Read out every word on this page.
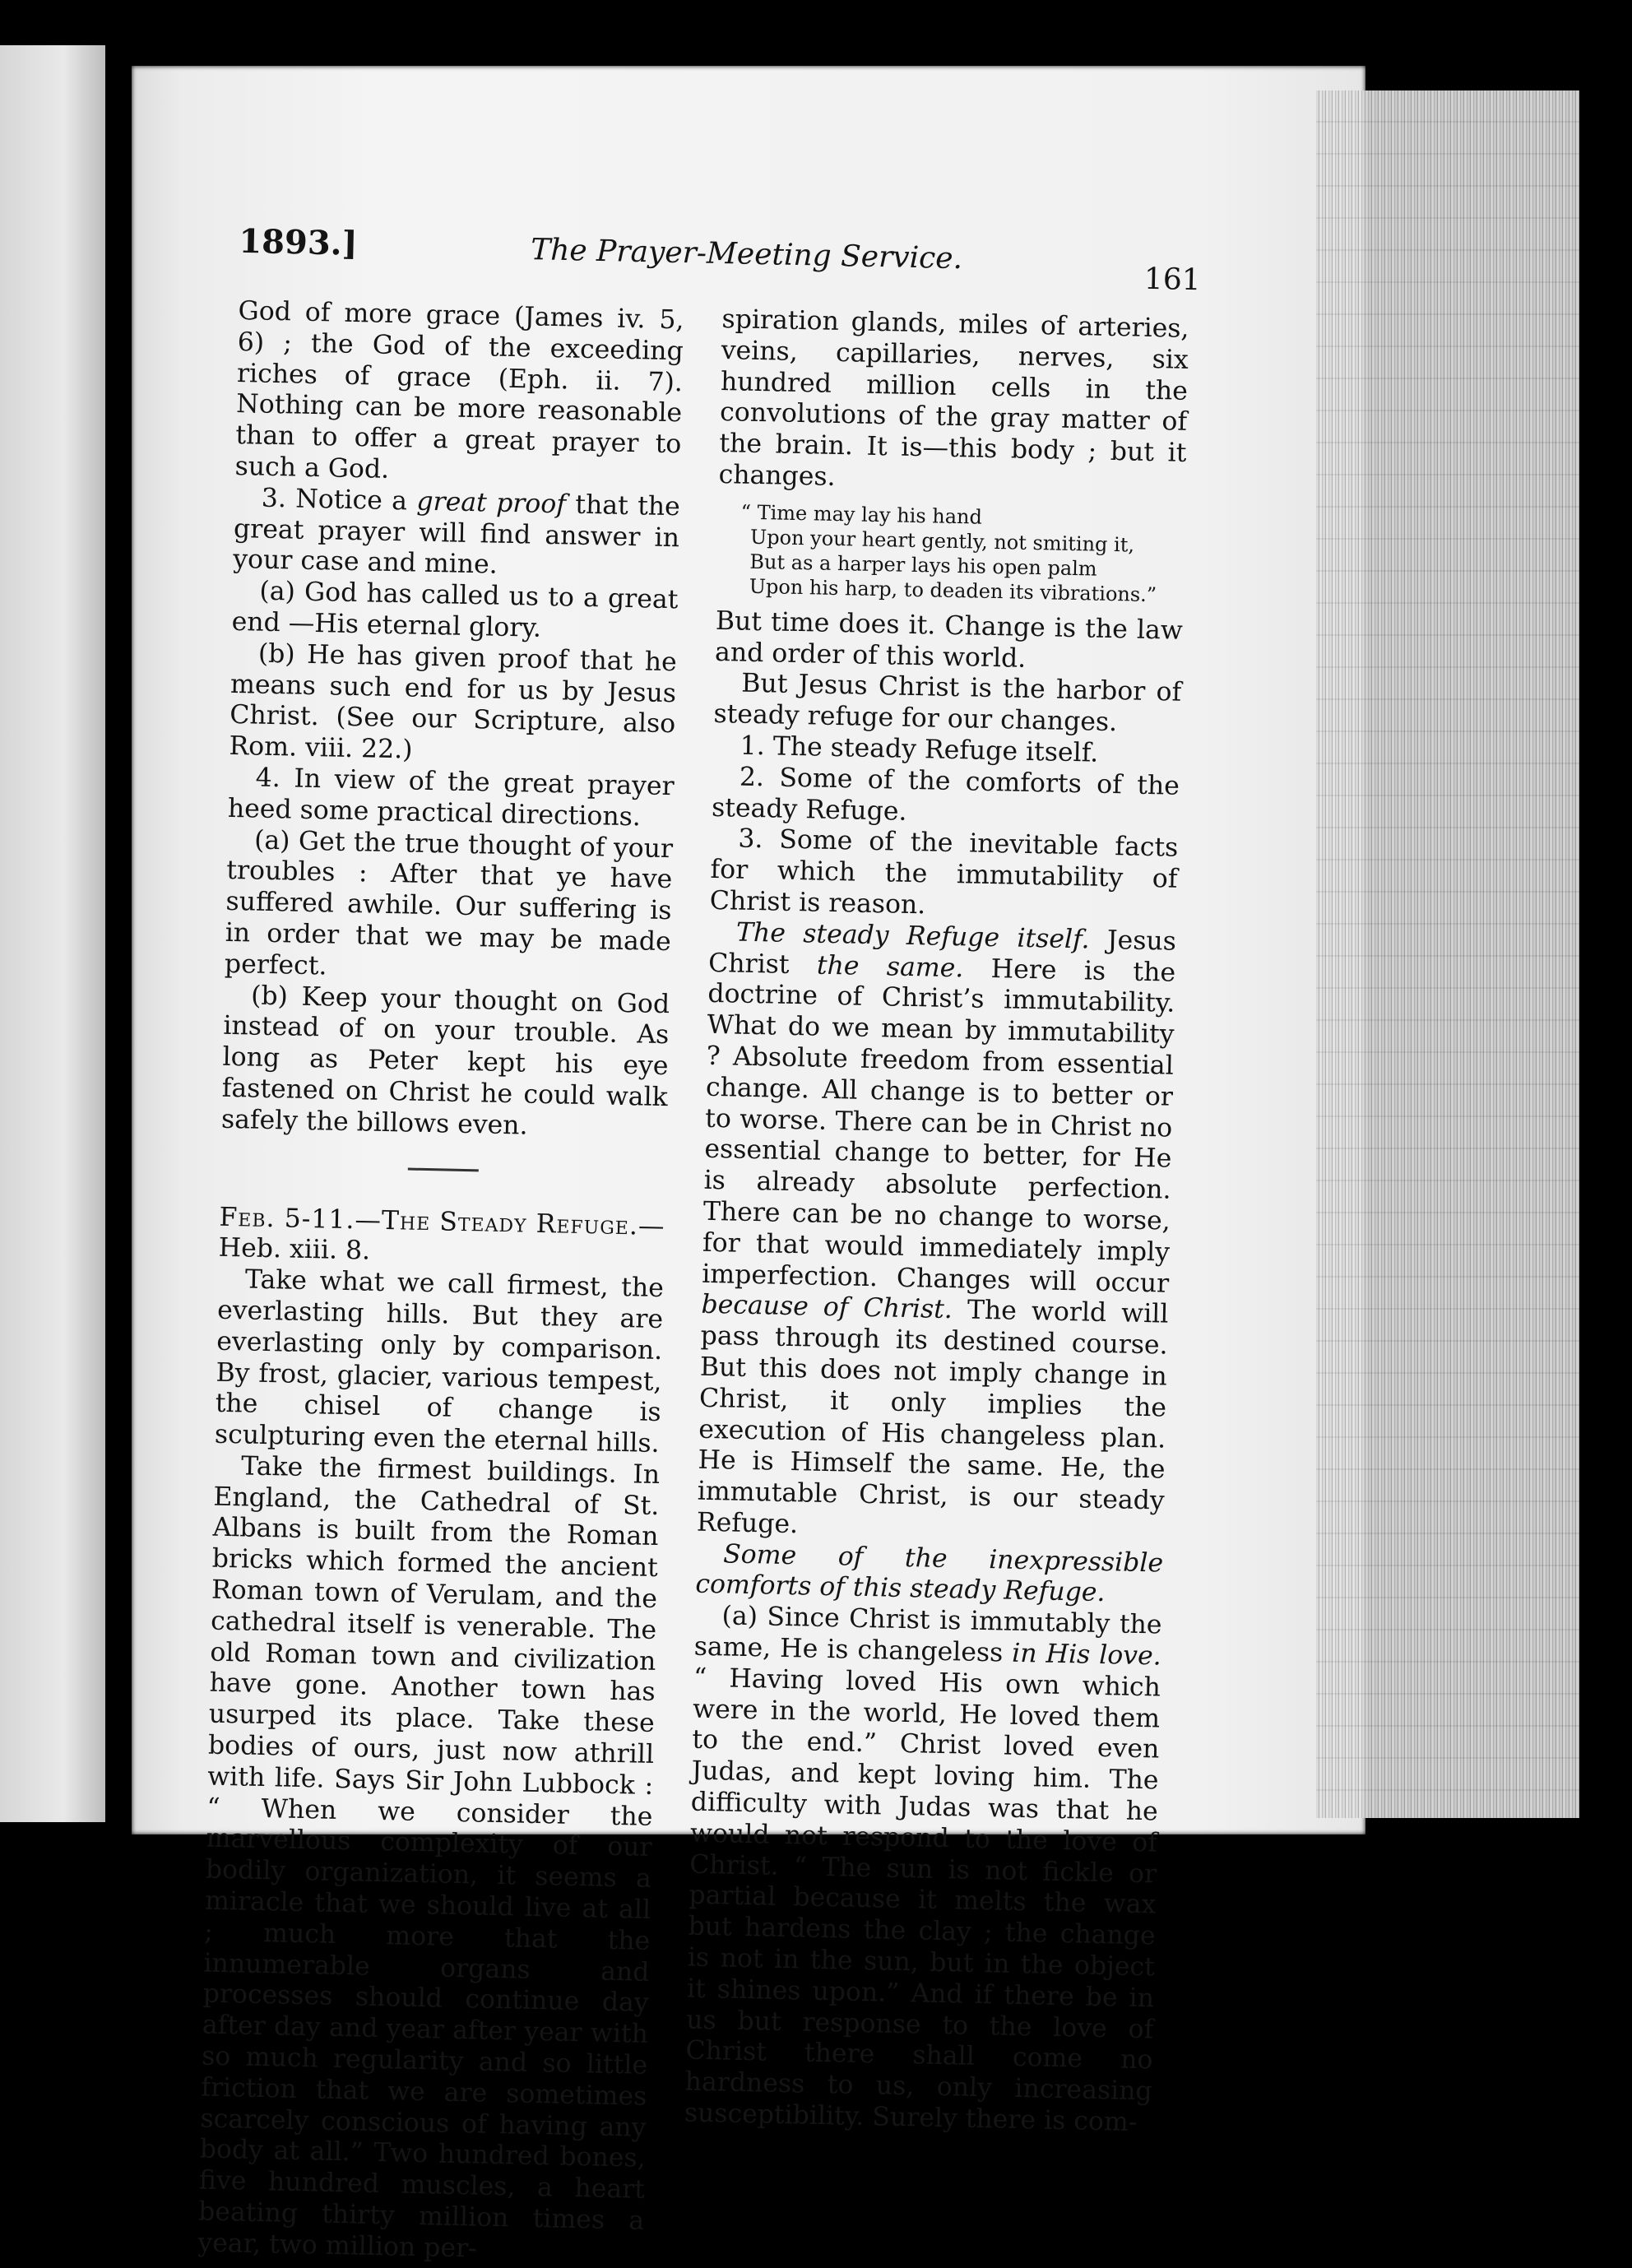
1893.]	The Prayer-Meeting Service.
161

God of more grace (James iv. 5, 6) ; the God of the exceeding riches of grace (Eph. ii. 7). Nothing can be more reasonable than to offer a great prayer to such a God.

3. Notice a great proof that the great prayer will find answer in your case and mine.

(a) God has called us to a great end —His eternal glory.

(b) He has given proof that he means such end for us by Jesus Christ. (See our Scripture, also Rom. viii. 22.)

4. In view of the great prayer heed some practical directions.

(a) Get the true thought of your troubles : After that ye have suffered awhile. Our suffering is in order that we may be made perfect.

(b) Keep your thought on God instead of on your trouble. As long as Peter kept his eye fastened on Christ he could walk safely the billows even.

Feb. 5-11.—The Steady Refuge.— Heb. xiii. 8.

Take what we call firmest, the everlasting hills. But they are everlasting only by comparison. By frost, glacier, various tempest, the chisel of change is sculpturing even the eternal hills.

Take the firmest buildings. In England, the Cathedral of St. Albans is built from the Roman bricks which formed the ancient Roman town of Verulam, and the cathedral itself is venerable. The old Roman town and civilization have gone. Another town has usurped its place. Take these bodies of ours, just now athrill with life. Says Sir John Lubbock : “ When we consider the marvellous complexity of our bodily organization, it seems a miracle that we should live at all ; much more that the innumerable organs and processes should continue day after day and year after year with so much regularity and so little friction that we are sometimes scarcely conscious of having any body at all.” Two hundred bones, five hundred muscles, a heart beating thirty million times a year, two million per-

spiration glands, miles of arteries, veins, capillaries, nerves, six hundred million cells in the convolutions of the gray matter of the brain. It is—this body ; but it changes.

“ Time may lay his hand

Upon your heart gently, not smiting it,

But as a harper lays his open palm

Upon his harp, to deaden its vibrations.”

But time does it. Change is the law and order of this world.

But Jesus Christ is the harbor of steady refuge for our changes.

1. The steady Refuge itself.

2. Some of the comforts of the steady Refuge.

3. Some of the inevitable facts for which the immutability of Christ is reason.

The steady Refuge itself. Jesus Christ the same. Here is the doctrine of Christ’s immutability. What do we mean by immutability ? Absolute freedom from essential change. All change is to better or to worse. There can be in Christ no essential change to better, for He is already absolute perfection. There can be no change to worse, for that would immediately imply imperfection. Changes will occur because of Christ. The world will pass through its destined course. But this does not imply change in Christ, it only implies the execution of His changeless plan. He is Himself the same. He, the immutable Christ, is our steady Refuge.

Some of the inexpressible comforts of this steady Refuge.

(a) Since Christ is immutably the same, He is changeless in His love. “ Having loved His own which were in the world, He loved them to the end.” Christ loved even Judas, and kept loving him. The difficulty with Judas was that he would not respond to the love of Christ. “ The sun is not fickle or partial because it melts the wax but hardens the clay ; the change is not in the sun, but in the object it shines upon.” And if there be in us but response to the love of Christ there shall come no hardness to us, only increasing susceptibility. Surely there is com-
